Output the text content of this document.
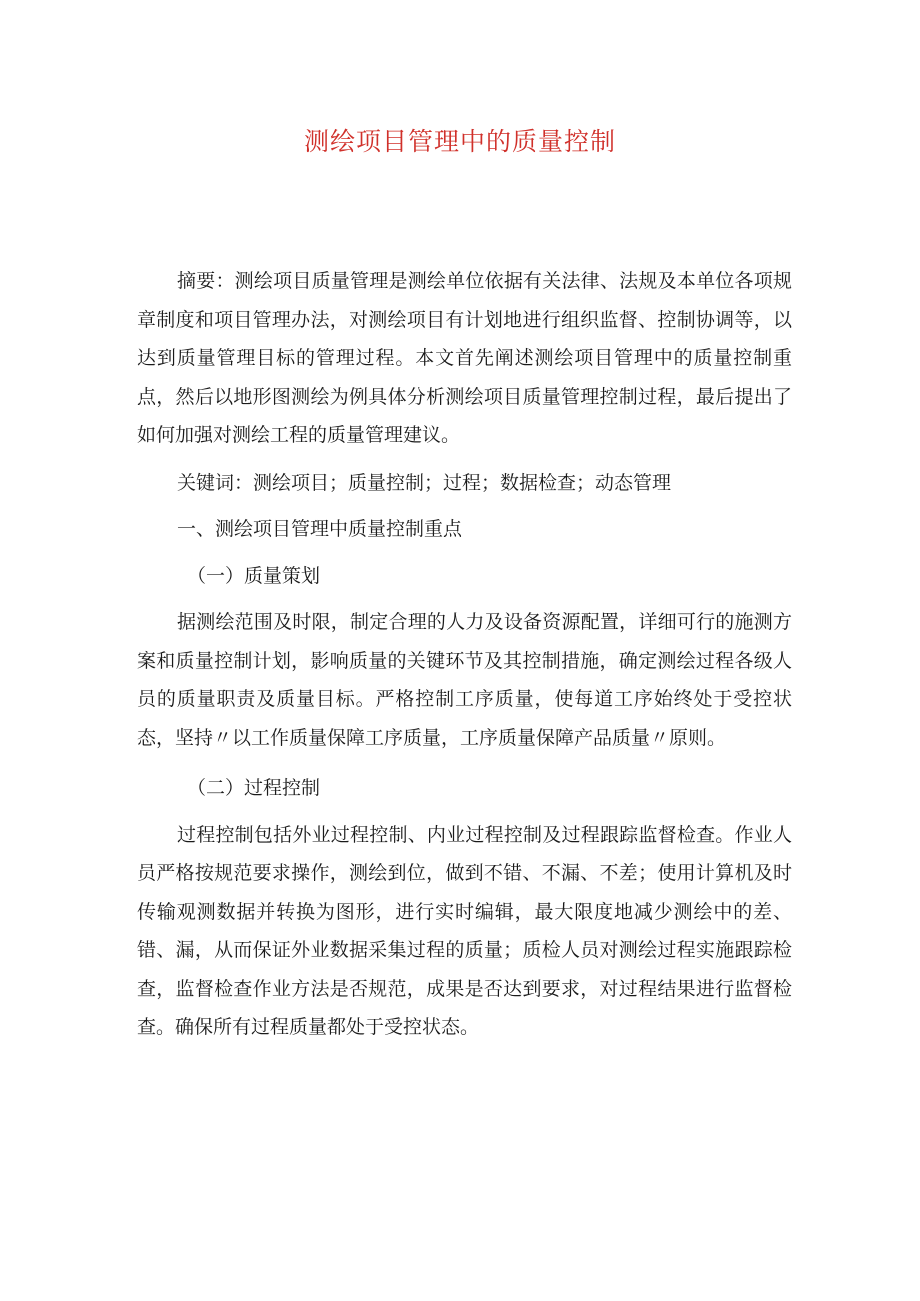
测绘项目管理中的质量控制

摘要：测绘项目质量管理是测绘单位依据有关法律、法规及本单位各项规章制度和项目管理办法，对测绘项目有计划地进行组织监督、控制协调等，以达到质量管理目标的管理过程。本文首先阐述测绘项目管理中的质量控制重点，然后以地形图测绘为例具体分析测绘项目质量管理控制过程，最后提出了如何加强对测绘工程的质量管理建议。

关键词：测绘项目；质量控制；过程；数据检查；动态管理

一、测绘项目管理中质量控制重点

（一）质量策划

据测绘范围及时限，制定合理的人力及设备资源配置，详细可行的施测方案和质量控制计划，影响质量的关键环节及其控制措施，确定测绘过程各级人员的质量职责及质量目标。严格控制工序质量，使每道工序始终处于受控状态，坚持〃以工作质量保障工序质量，工序质量保障产品质量〃原则。

（二）过程控制

过程控制包括外业过程控制、内业过程控制及过程跟踪监督检查。作业人员严格按规范要求操作，测绘到位，做到不错、不漏、不差；使用计算机及时传输观测数据并转换为图形，进行实时编辑，最大限度地减少测绘中的差、错、漏，从而保证外业数据采集过程的质量；质检人员对测绘过程实施跟踪检查，监督检查作业方法是否规范，成果是否达到要求，对过程结果进行监督检查。确保所有过程质量都处于受控状态。
